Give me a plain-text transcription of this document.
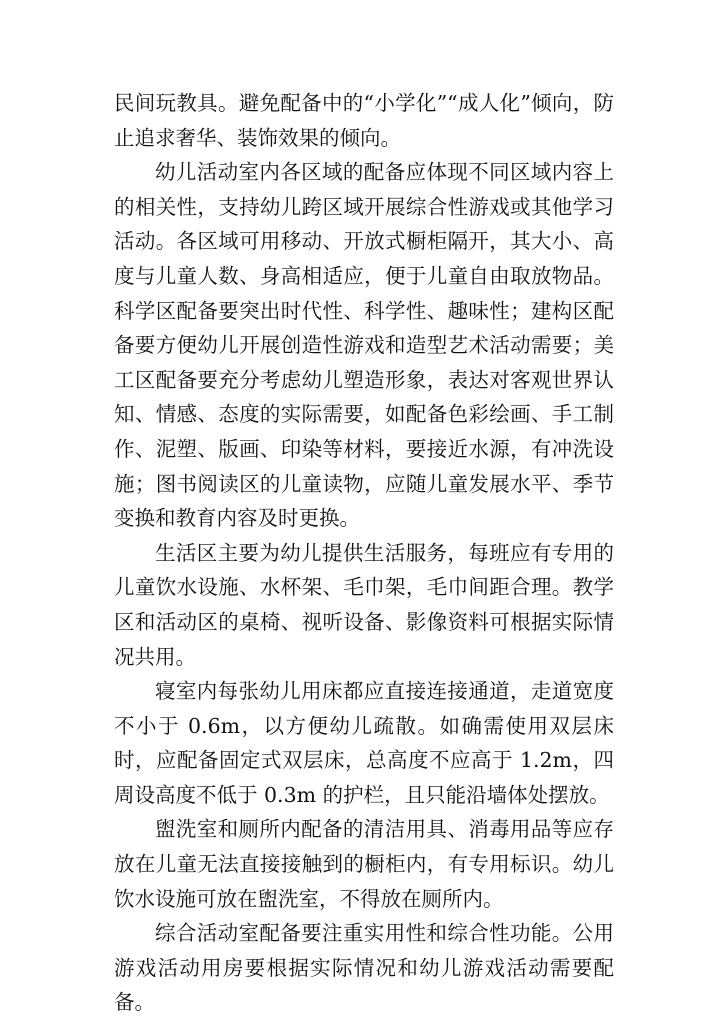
民间玩教具。避免配备中的“小学化”“成人化”倾向，防止追求奢华、装饰效果的倾向。

幼儿活动室内各区域的配备应体现不同区域内容上的相关性，支持幼儿跨区域开展综合性游戏或其他学习活动。各区域可用移动、开放式橱柜隔开，其大小、高度与儿童人数、身高相适应，便于儿童自由取放物品。科学区配备要突出时代性、科学性、趣味性；建构区配备要方便幼儿开展创造性游戏和造型艺术活动需要；美工区配备要充分考虑幼儿塑造形象，表达对客观世界认知、情感、态度的实际需要，如配备色彩绘画、手工制作、泥塑、版画、印染等材料，要接近水源，有冲洗设施；图书阅读区的儿童读物，应随儿童发展水平、季节变换和教育内容及时更换。

生活区主要为幼儿提供生活服务，每班应有专用的儿童饮水设施、水杯架、毛巾架，毛巾间距合理。教学区和活动区的桌椅、视听设备、影像资料可根据实际情况共用。

寝室内每张幼儿用床都应直接连接通道，走道宽度不小于 0.6m，以方便幼儿疏散。如确需使用双层床时，应配备固定式双层床，总高度不应高于 1.2m，四周设高度不低于 0.3m 的护栏，且只能沿墙体处摆放。

盥洗室和厕所内配备的清洁用具、消毒用品等应存放在儿童无法直接接触到的橱柜内，有专用标识。幼儿饮水设施可放在盥洗室，不得放在厕所内。

综合活动室配备要注重实用性和综合性功能。公用游戏活动用房要根据实际情况和幼儿游戏活动需要配备。
